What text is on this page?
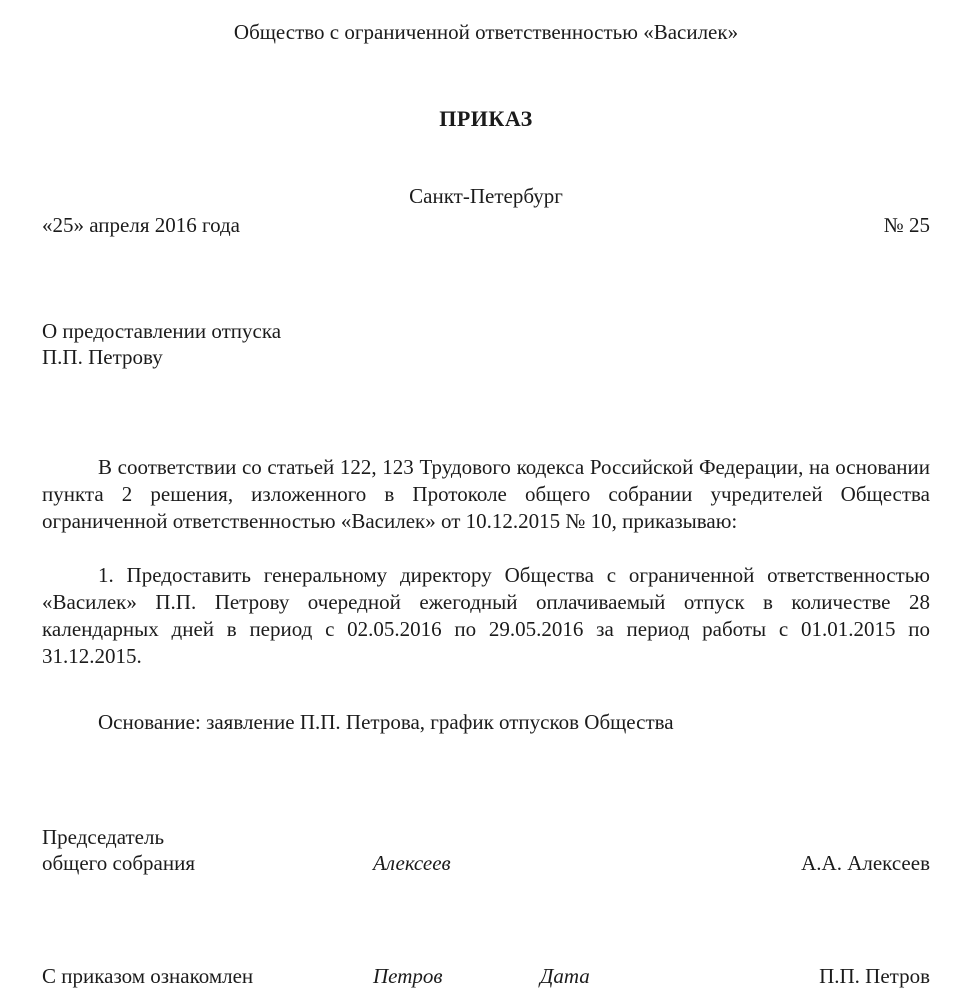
Общество с ограниченной ответственностью «Василек»
ПРИКАЗ
Санкт-Петербург
«25» апреля 2016 года	№ 25
О предоставлении отпуска
П.П. Петрову

В соответствии со статьей 122, 123 Трудового кодекса Российской Федерации, на основании пункта 2 решения, изложенного в Протоколе общего собрании учредителей Общества ограниченной ответственностью «Василек» от 10.12.2015 № 10, приказываю:

1. Предоставить генеральному директору Общества с ограниченной ответственностью «Василек» П.П. Петрову очередной ежегодный оплачиваемый отпуск в количестве 28 календарных дней в период с 02.05.2016 по 29.05.2016 за период работы с 01.01.2015 по 31.12.2015.

Основание: заявление П.П. Петрова, график отпусков Общества
Председатель
общего собрания	Алексеев	А.А. Алексеев
С приказом ознакомлен	Петров	Дата	П.П. Петров
